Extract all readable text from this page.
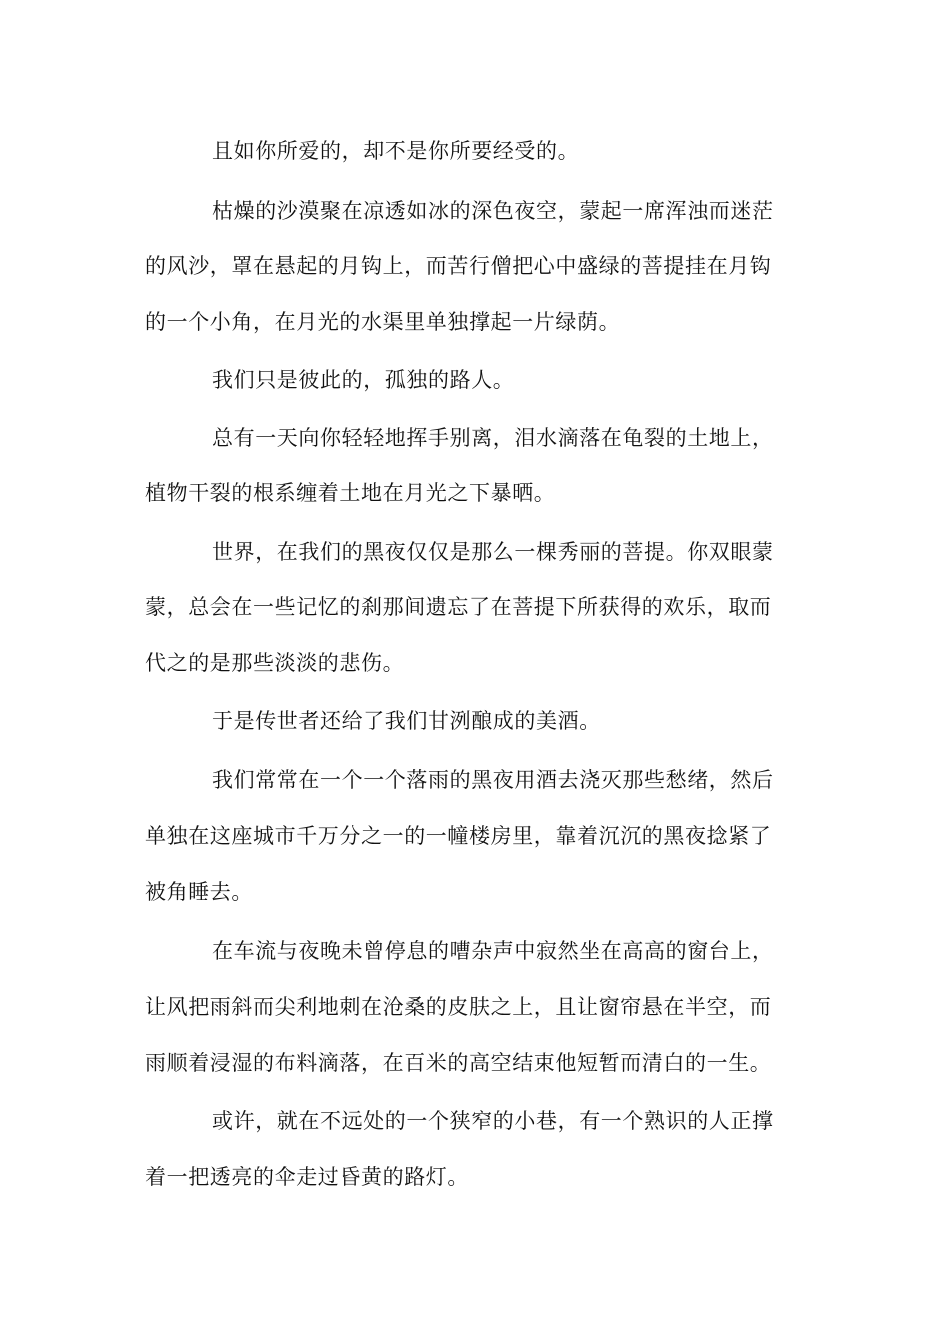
且如你所爱的，却不是你所要经受的。
枯燥的沙漠聚在凉透如冰的深色夜空，蒙起一席浑浊而迷茫
的风沙，罩在悬起的月钩上，而苦行僧把心中盛绿的菩提挂在月钩
的一个小角，在月光的水渠里单独撑起一片绿荫。
我们只是彼此的，孤独的路人。
总有一天向你轻轻地挥手别离，泪水滴落在龟裂的土地上，
植物干裂的根系缠着土地在月光之下暴晒。
世界，在我们的黑夜仅仅是那么一棵秀丽的菩提。你双眼蒙
蒙，总会在一些记忆的刹那间遗忘了在菩提下所获得的欢乐，取而
代之的是那些淡淡的悲伤。
于是传世者还给了我们甘洌酿成的美酒。
我们常常在一个一个落雨的黑夜用酒去浇灭那些愁绪，然后
单独在这座城市千万分之一的一幢楼房里，靠着沉沉的黑夜捻紧了
被角睡去。
在车流与夜晚未曾停息的嘈杂声中寂然坐在高高的窗台上，
让风把雨斜而尖利地刺在沧桑的皮肤之上，且让窗帘悬在半空，而
雨顺着浸湿的布料滴落，在百米的高空结束他短暂而清白的一生。
或许，就在不远处的一个狭窄的小巷，有一个熟识的人正撑
着一把透亮的伞走过昏黄的路灯。
